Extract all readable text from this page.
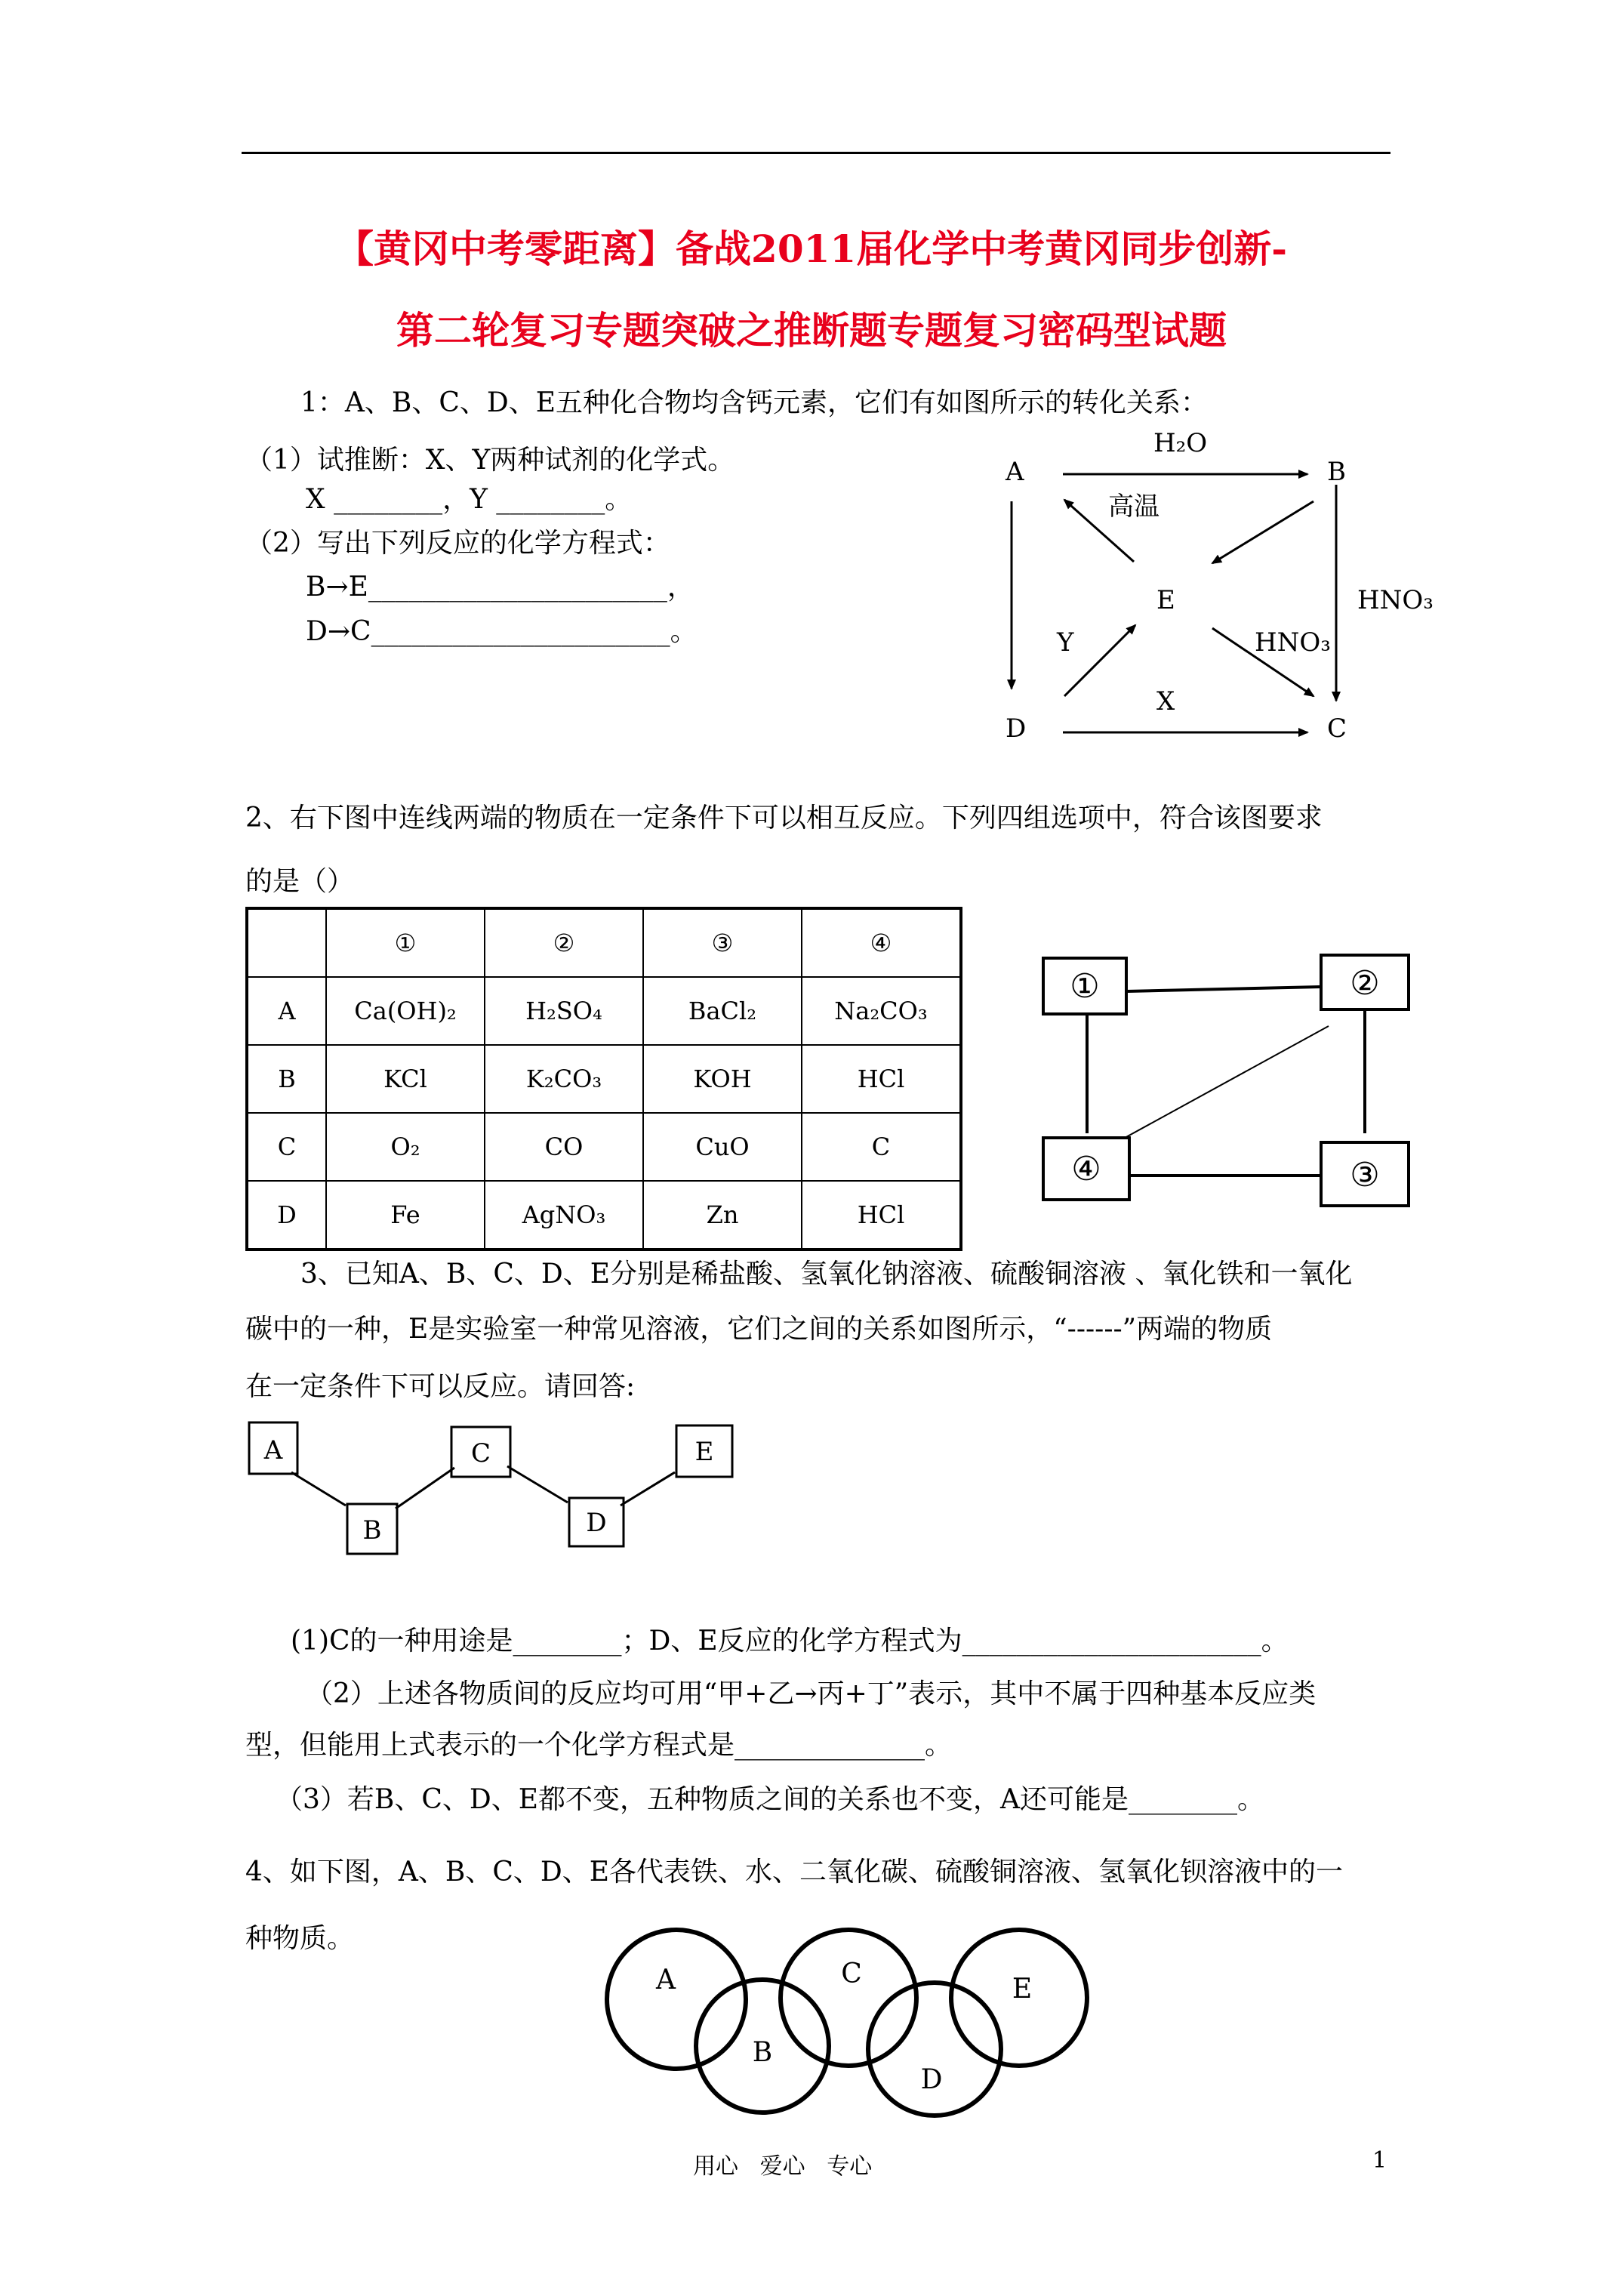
【黄冈中考零距离】备战2011届化学中考黄冈同步创新-
第二轮复习专题突破之推断题专题复习密码型试题
1：A、B、C、D、E五种化合物均含钙元素，它们有如图所示的转化关系：
（1）试推断：X、Y两种试剂的化学式。
X ________，Y ________。
（2）写出下列反应的化学方程式：
B→E______________________，
D→C______________________。
A	B
C
D
E
H₂O
高温
HNO₃
HNO₃
Y
X
2、右下图中连线两端的物质在一定条件下可以相互反应。下列四组选项中，符合该图要求
的是（）
	①	②	③	④
A	Ca(OH)₂	H₂SO₄	BaCl₂	Na₂CO₃
B	KCl	K₂CO₃	KOH	HCl
C	O₂	CO	CuO	C
D	Fe	AgNO₃	Zn	HCl
①	②
③
④
3、已知A、B、C、D、E分别是稀盐酸、氢氧化钠溶液、硫酸铜溶液 、氧化铁和一氧化
碳中的一种，E是实验室一种常见溶液，它们之间的关系如图所示，“------”两端的物质
在一定条件下可以反应。请回答:
A
B
C
D
E
(1)C的一种用途是________；D、E反应的化学方程式为______________________。
（2）上述各物质间的反应均可用“甲+乙→丙+丁”表示，其中不属于四种基本反应类
型，但能用上式表示的一个化学方程式是______________。
（3）若B、C、D、E都不变，五种物质之间的关系也不变，A还可能是________。
4、如下图，A、B、C、D、E各代表铁、水、二氧化碳、硫酸铜溶液、氢氧化钡溶液中的一
种物质。
A
B
C
D
E
用心   爱心   专心	1
